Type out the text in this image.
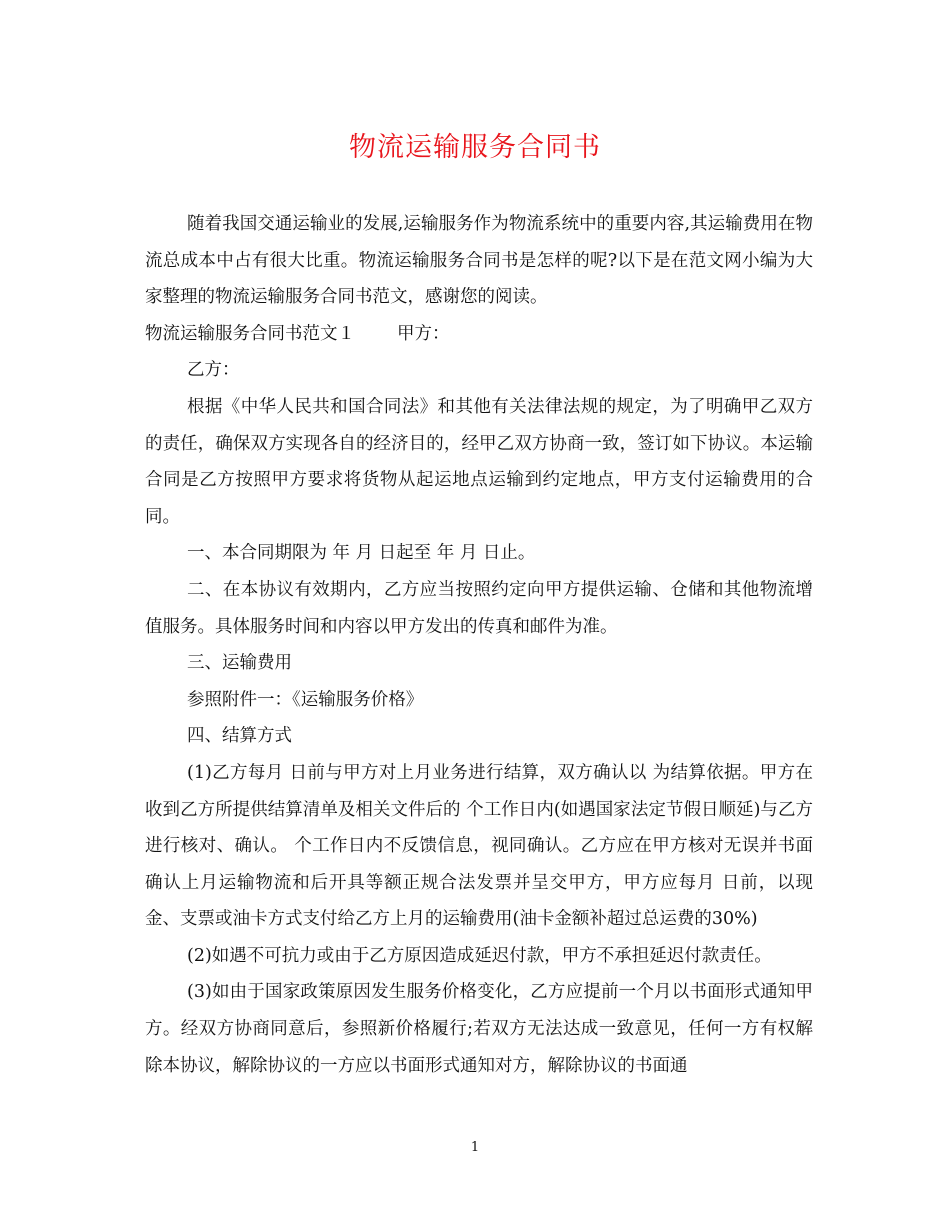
物流运输服务合同书

随着我国交通运输业的发展,运输服务作为物流系统中的重要内容,其运输费用在物流总成本中占有很大比重。物流运输服务合同书是怎样的呢?以下是在范文网小编为大家整理的物流运输服务合同书范文，感谢您的阅读。

物流运输服务合同书范文１ 甲方：

乙方：

根据《中华人民共和国合同法》和其他有关法律法规的规定，为了明确甲乙双方的责任，确保双方实现各自的经济目的，经甲乙双方协商一致，签订如下协议。本运输合同是乙方按照甲方要求将货物从起运地点运输到约定地点，甲方支付运输费用的合同。

一、本合同期限为 年 月 日起至 年 月 日止。

二、在本协议有效期内，乙方应当按照约定向甲方提供运输、仓储和其他物流增值服务。具体服务时间和内容以甲方发出的传真和邮件为准。

三、运输费用

参照附件一：《运输服务价格》

四、结算方式

(1)乙方每月 日前与甲方对上月业务进行结算，双方确认以 为结算依据。甲方在收到乙方所提供结算清单及相关文件后的 个工作日内(如遇国家法定节假日顺延)与乙方进行核对、确认。 个工作日内不反馈信息，视同确认。乙方应在甲方核对无误并书面确认上月运输物流和后开具等额正规合法发票并呈交甲方，甲方应每月 日前，以现金、支票或油卡方式支付给乙方上月的运输费用(油卡金额补超过总运费的30%)

(2)如遇不可抗力或由于乙方原因造成延迟付款，甲方不承担延迟付款责任。

(3)如由于国家政策原因发生服务价格变化，乙方应提前一个月以书面形式通知甲方。经双方协商同意后，参照新价格履行;若双方无法达成一致意见，任何一方有权解除本协议，解除协议的一方应以书面形式通知对方，解除协议的书面通

1
